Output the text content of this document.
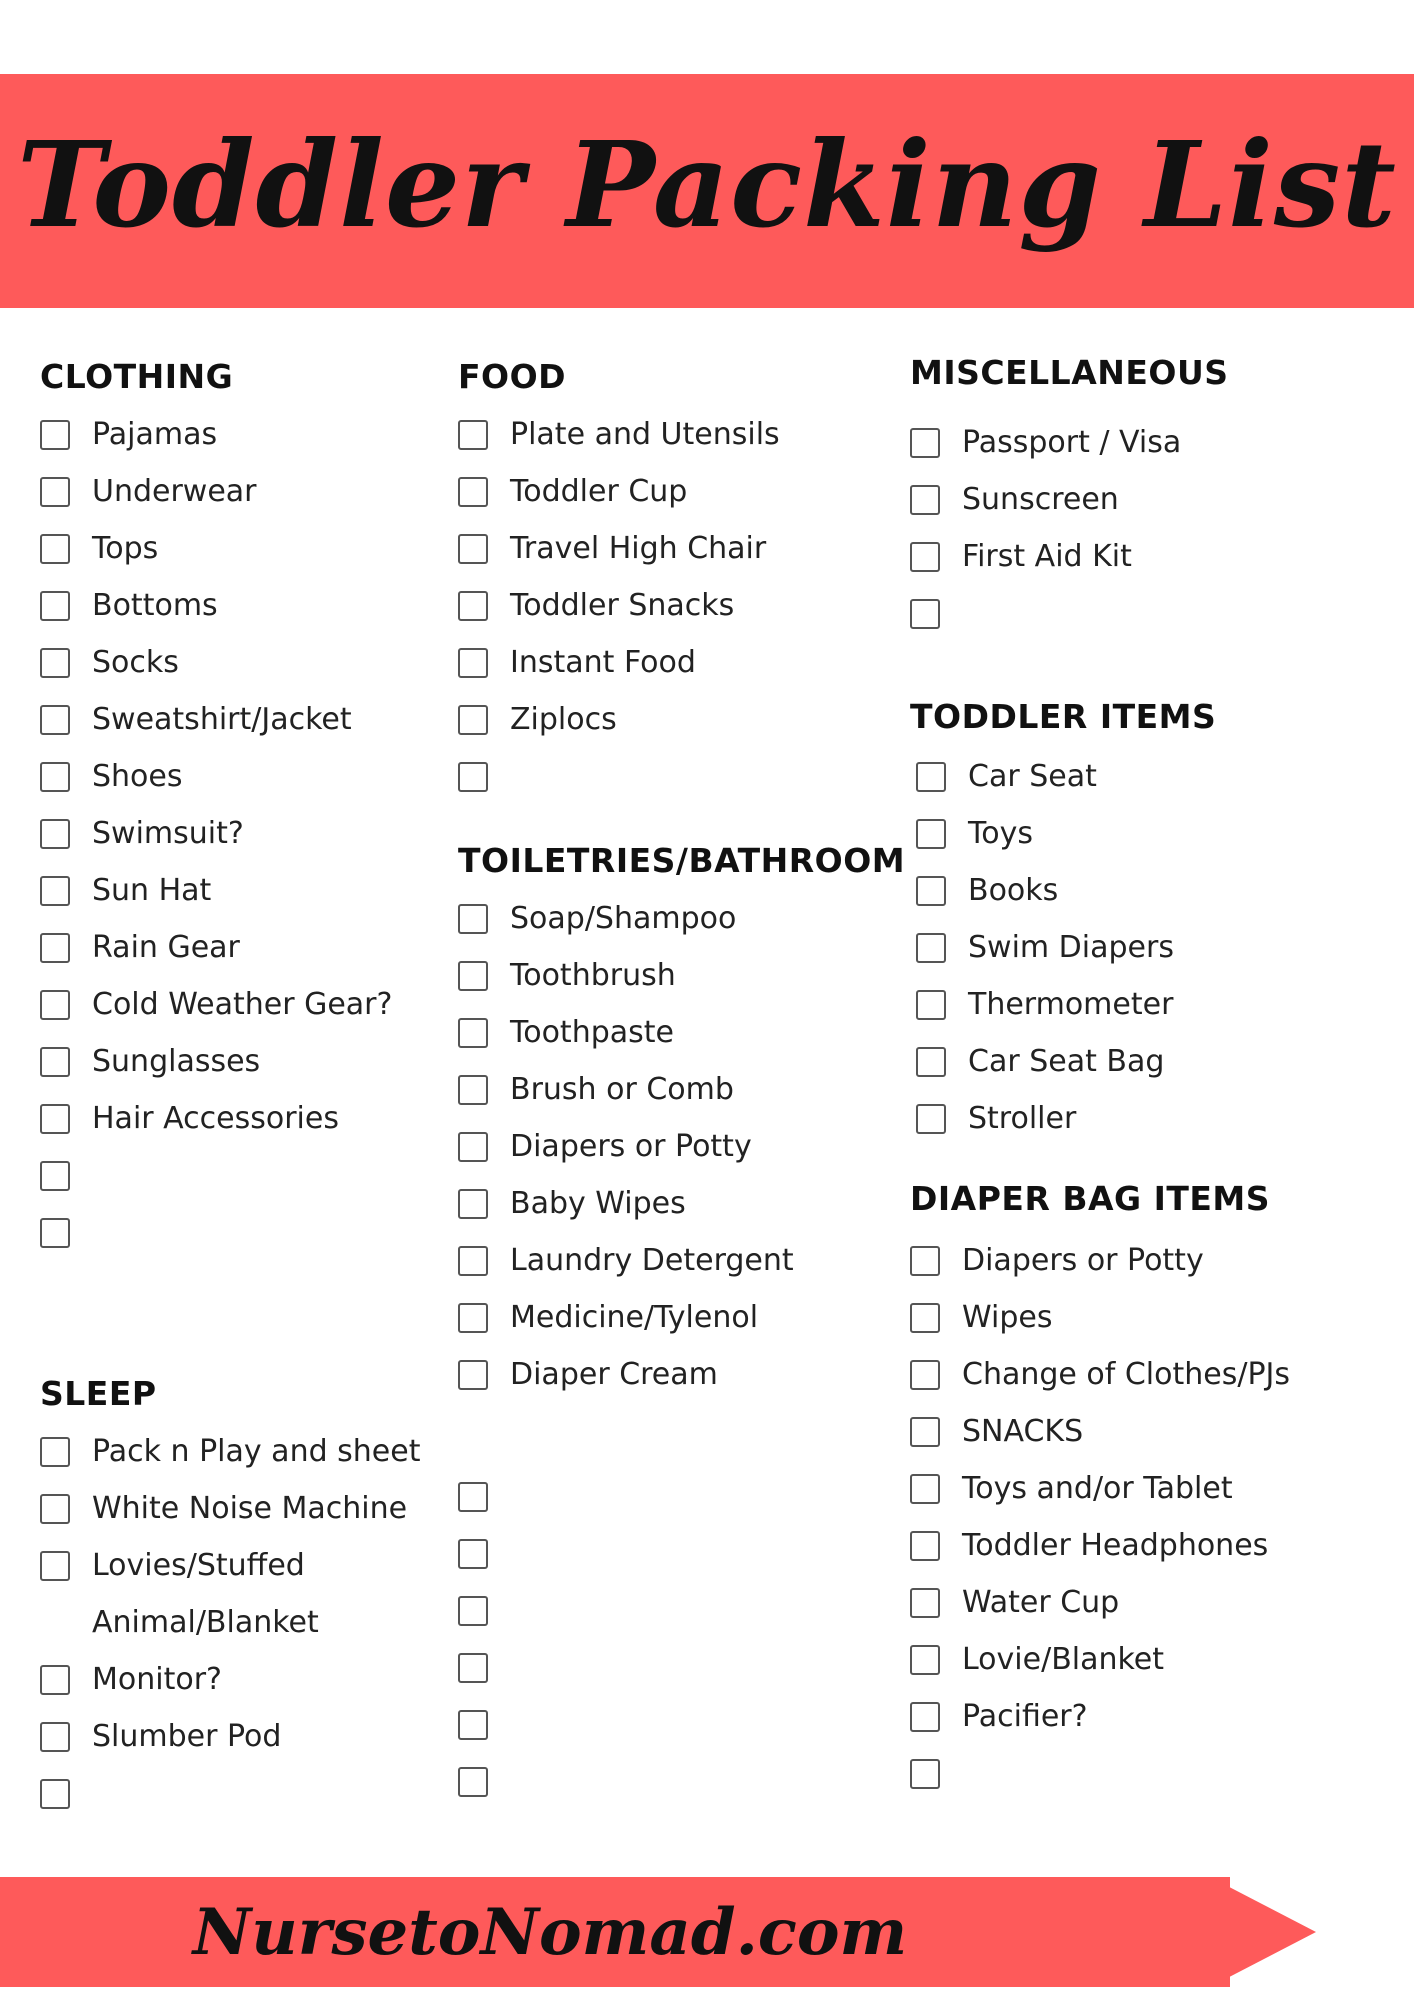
Toddler Packing List
CLOTHING
Pajamas
Underwear
Tops
Bottoms
Socks
Sweatshirt/Jacket
Shoes
Swimsuit?
Sun Hat
Rain Gear
Cold Weather Gear?
Sunglasses
Hair Accessories
SLEEP
Pack n Play and sheet
White Noise Machine
Lovies/Stuffed Animal/Blanket
Monitor?
Slumber Pod
FOOD
Plate and Utensils
Toddler Cup
Travel High Chair
Toddler Snacks
Instant Food
Ziplocs
TOILETRIES/BATHROOM
Soap/Shampoo
Toothbrush
Toothpaste
Brush or Comb
Diapers or Potty
Baby Wipes
Laundry Detergent
Medicine/Tylenol
Diaper Cream
MISCELLANEOUS
Passport / Visa
Sunscreen
First Aid Kit
TODDLER ITEMS
Car Seat
Toys
Books
Swim Diapers
Thermometer
Car Seat Bag
Stroller
DIAPER BAG ITEMS
Diapers or Potty
Wipes
Change of Clothes/PJs
SNACKS
Toys and/or Tablet
Toddler Headphones
Water Cup
Lovie/Blanket
Pacifier?
NursetoNomad.com
